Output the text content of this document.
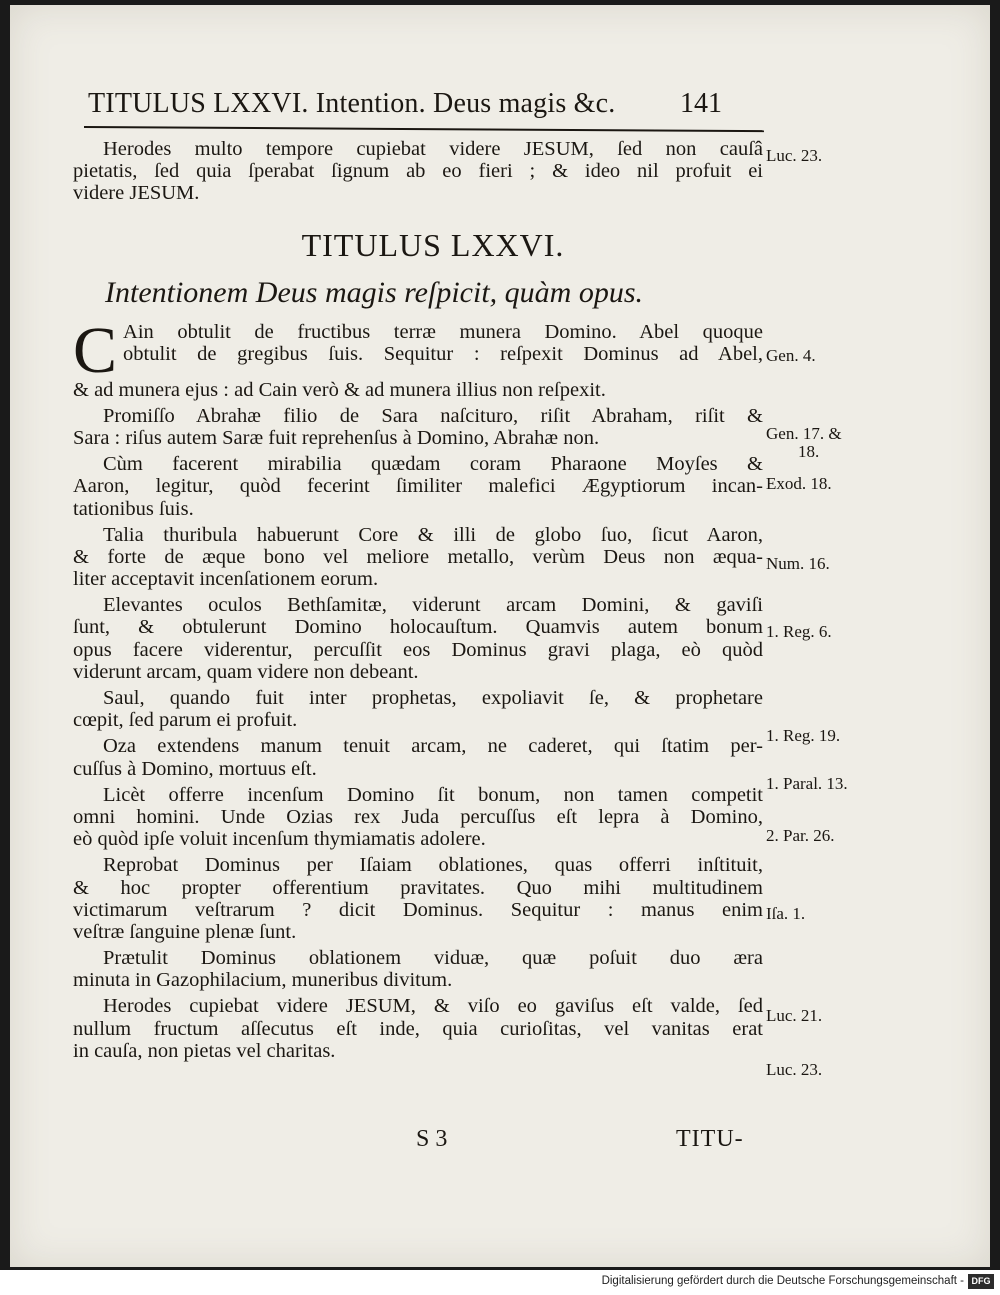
TITULUS LXXVI. Intention. Deus magis &c. 141
Herodes multo tempore cupiebat videre JESUM, ſed non cauſâ
pietatis, ſed quia ſperabat ſignum ab eo fieri ; & ideo nil profuit ei
videre JESUM.
TITULUS LXXVI.
Intentionem Deus magis reſpicit, quàm opus.
C Ain obtulit de fructibus terræ munera Domino. Abel quoque
obtulit de gregibus ſuis. Sequitur : reſpexit Dominus ad Abel,
& ad munera ejus : ad Cain verò & ad munera illius non reſpexit.
Promiſſo Abrahæ filio de Sara naſcituro, riſit Abraham, riſit &
Sara : riſus autem Saræ fuit reprehenſus à Domino, Abrahæ non.
Cùm facerent mirabilia quædam coram Pharaone Moyſes &
Aaron, legitur, quòd fecerint ſimiliter malefici Ægyptiorum incan-
tationibus ſuis.
Talia thuribula habuerunt Core & illi de globo ſuo, ſicut Aaron,
& forte de æque bono vel meliore metallo, verùm Deus non æqua-
liter acceptavit incenſationem eorum.
Elevantes oculos Bethſamitæ, viderunt arcam Domini, & gaviſi
ſunt, & obtulerunt Domino holocauſtum. Quamvis autem bonum
opus facere viderentur, percuſſit eos Dominus gravi plaga, eò quòd
viderunt arcam, quam videre non debeant.
Saul, quando fuit inter prophetas, expoliavit ſe, & prophetare
cœpit, ſed parum ei profuit.
Oza extendens manum tenuit arcam, ne caderet, qui ſtatim per-
cuſſus à Domino, mortuus eſt.
Licèt offerre incenſum Domino ſit bonum, non tamen competit
omni homini. Unde Ozias rex Juda percuſſus eſt lepra à Domino,
eò quòd ipſe voluit incenſum thymiamatis adolere.
Reprobat Dominus per Iſaiam oblationes, quas offerri inſtituit,
& hoc propter offerentium pravitates. Quo mihi multitudinem
victimarum veſtrarum ? dicit Dominus. Sequitur : manus enim
veſtræ ſanguine plenæ ſunt.
Prætulit Dominus oblationem viduæ, quæ poſuit duo æra
minuta in Gazophilacium, muneribus divitum.
Herodes cupiebat videre JESUM, & viſo eo gaviſus eſt valde, ſed
nullum fructum aſſecutus eſt inde, quia curioſitas, vel vanitas erat
in cauſa, non pietas vel charitas.
Luc. 23.
Gen. 4.
Gen. 17. &
18.
Exod. 18.
Num. 16.
1. Reg. 6.
1. Reg. 19.
1. Paral. 13.
2. Par. 26.
Iſa. 1.
Luc. 21.
Luc. 23.
S 3	TITU-
Digitalisierung gefördert durch die Deutsche Forschungsgemeinschaft - DFG
